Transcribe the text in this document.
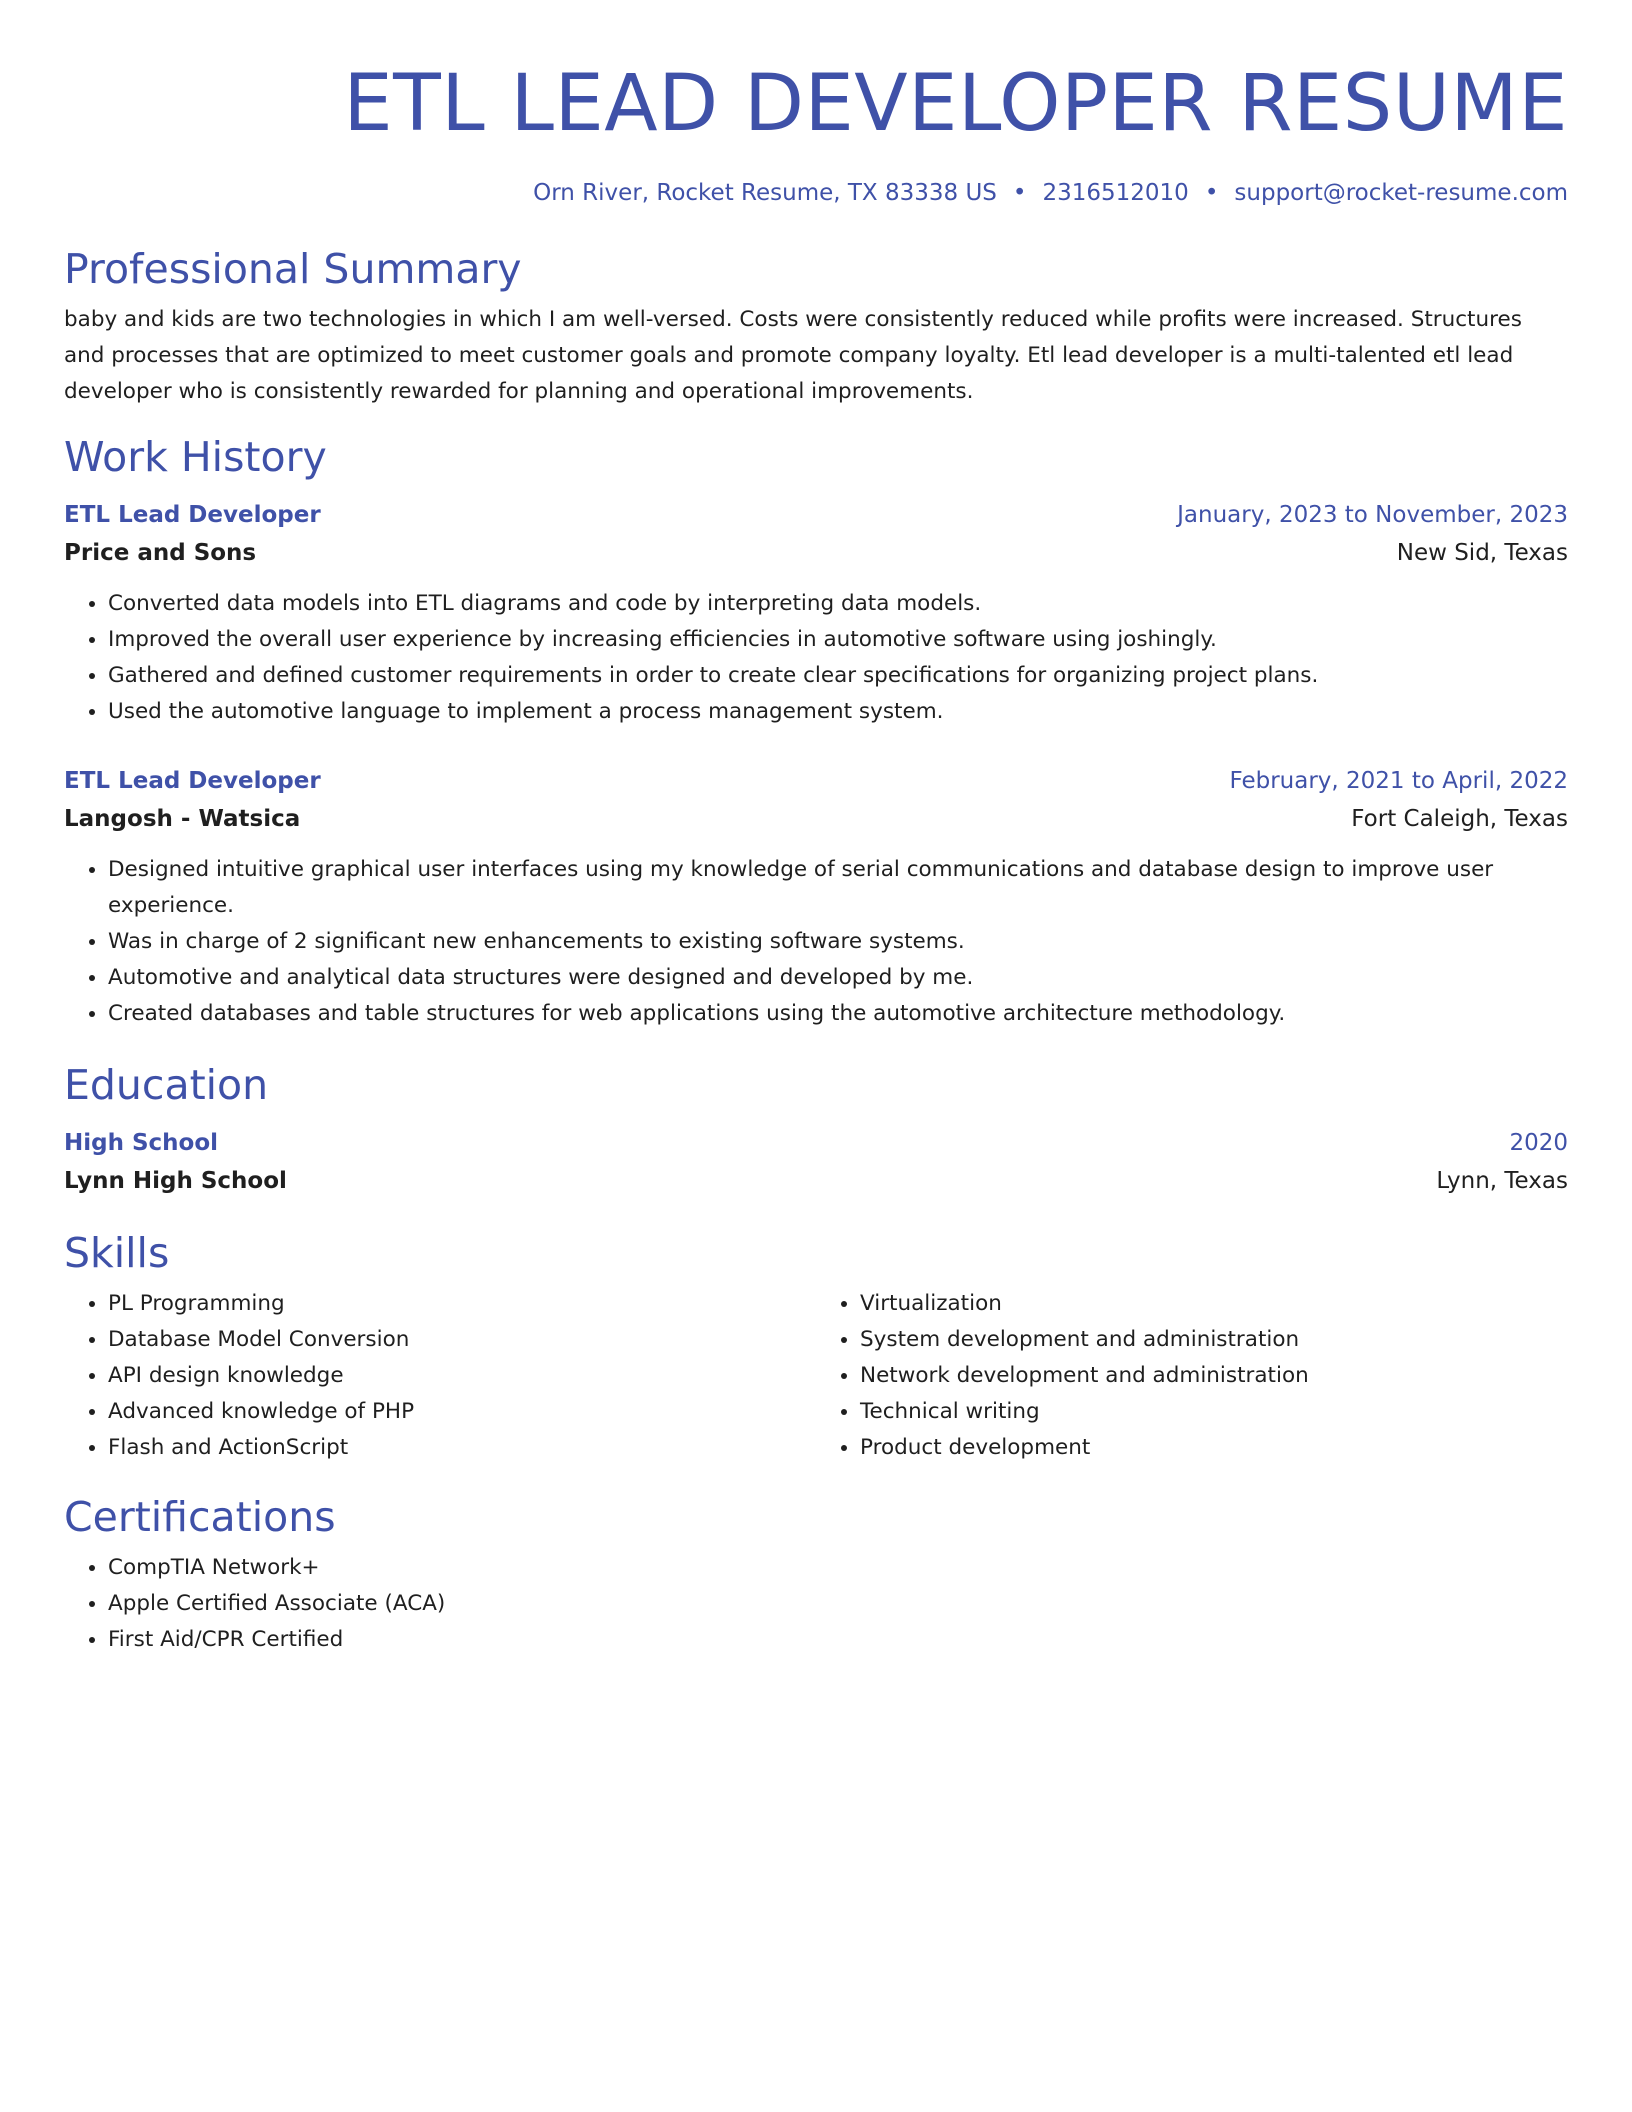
ETL LEAD DEVELOPER RESUME
Orn River, Rocket Resume, TX 83338 US • 2316512010 • support@rocket-resume.com
Professional Summary

baby and kids are two technologies in which I am well-versed. Costs were consistently reduced while profits were increased. Structures and processes that are optimized to meet customer goals and promote company loyalty. Etl lead developer is a multi-talented etl lead developer who is consistently rewarded for planning and operational improvements.

Work History
ETL Lead Developer	January, 2023 to November, 2023
Price and Sons	New Sid, Texas
• Converted data models into ETL diagrams and code by interpreting data models.
• Improved the overall user experience by increasing efficiencies in automotive software using joshingly.
• Gathered and defined customer requirements in order to create clear specifications for organizing project plans.
• Used the automotive language to implement a process management system.
ETL Lead Developer	February, 2021 to April, 2022
Langosh - Watsica	Fort Caleigh, Texas
• Designed intuitive graphical user interfaces using my knowledge of serial communications and database design to improve user experience.
• Was in charge of 2 significant new enhancements to existing software systems.
• Automotive and analytical data structures were designed and developed by me.
• Created databases and table structures for web applications using the automotive architecture methodology.
Education
High School	2020
Lynn High School	Lynn, Texas
Skills
• PL Programming
• Database Model Conversion
• API design knowledge
• Advanced knowledge of PHP
• Flash and ActionScript
• Virtualization
• System development and administration
• Network development and administration
• Technical writing
• Product development
Certifications
• CompTIA Network+
• Apple Certified Associate (ACA)
• First Aid/CPR Certified
